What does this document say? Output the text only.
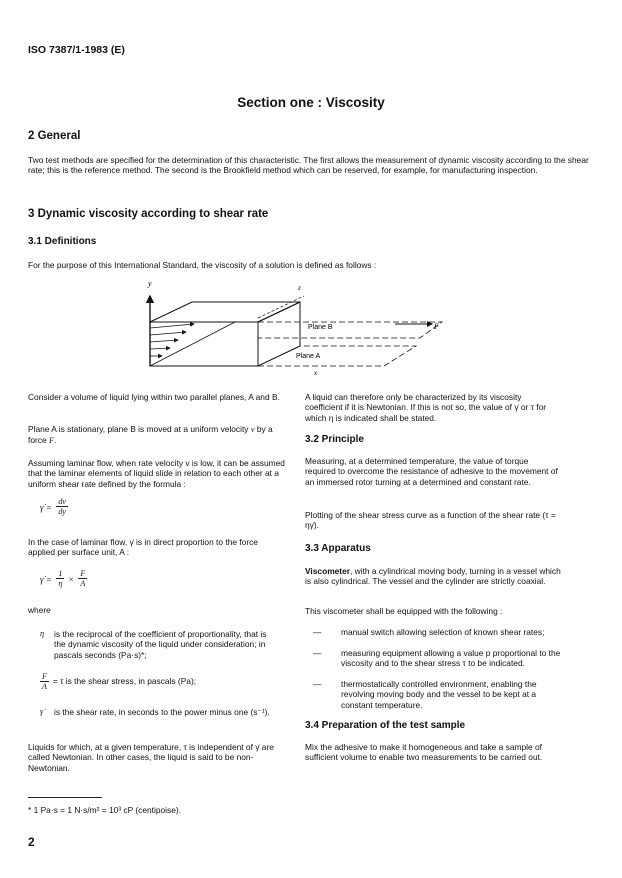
ISO 7387/1-1983 (E)
Section one : Viscosity
2 General
Two test methods are specified for the determination of this characteristic. The first allows the measurement of dynamic viscosity according to the shear rate; this is the reference method. The second is the Brookfield method which can be reserved, for example, for manufacturing inspection.
3 Dynamic viscosity according to shear rate
3.1 Definitions
For the purpose of this International Standard, the viscosity of a solution is defined as follows :
y	z
Plane B	F
Plane A
x
Consider a volume of liquid lying within two parallel planes, A and B.
Plane A is stationary, plane B is moved at a uniform velocity v by a force F.
Assuming laminar flow, when rate velocity v is low, it can be assumed that the laminar elements of liquid slide in relation to each other at a uniform shear rate defined by the formula :
γ̇ = $\frac{dv}{dy}$
In the case of laminar flow, γ̇ is in direct proportion to the force applied per surface unit, A :
γ̇ = $\frac{1}{\eta} \times \frac{F}{A}$
where
η	is the reciprocal of the coefficient of proportionality, that is the dynamic viscosity of the liquid under consideration; in pascals seconds (Pa·s)*;
$\frac{F}{A} = \tau$ is the shear stress, in pascals (Pa);
γ̇	is the shear rate, in seconds to the power minus one (s⁻¹).
Liquids for which, at a given temperature, τ is independent of γ̇ are called Newtonian. In other cases, the liquid is said to be non-Newtonian.
A liquid can therefore only be characterized by its viscosity coefficient if it is Newtonian. If this is not so, the value of γ̇ or τ for which η is indicated shall be stated.
3.2 Principle
Measuring, at a determined temperature, the value of torque required to overcome the resistance of adhesive to the movement of an immersed rotor turning at a determined and constant rate.
Plotting of the shear stress curve as a function of the shear rate (τ = ηγ̇).
3.3 Apparatus
Viscometer, with a cylindrical moving body, turning in a vessel which is also cylindrical. The vessel and the cylinder are strictly coaxial.
This viscometer shall be equipped with the following :
—	manual switch allowing selection of known shear rates;
—	measuring equipment allowing a value p proportional to the viscosity and to the shear stress τ to be indicated.
—	thermostatically controlled environment, enabling the revolving moving body and the vessel to be kept at a constant temperature.
3.4 Preparation of the test sample
Mix the adhesive to make it homogeneous and take a sample of sufficient volume to enable two measurements to be carried out.
* 1 Pa·s = 1 N·s/m² = 10³ cP (centipoise).
2
